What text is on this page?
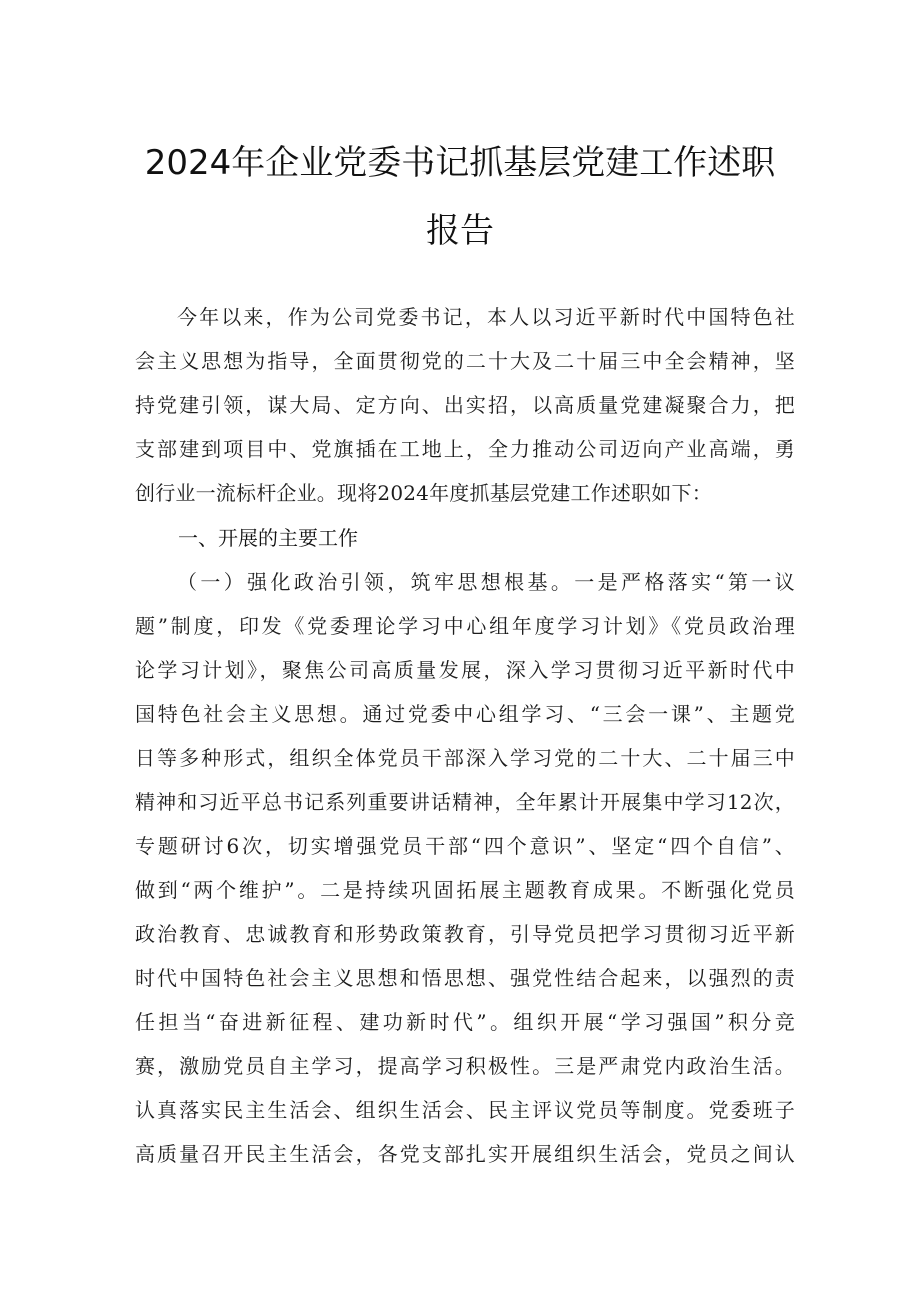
2024年企业党委书记抓基层党建工作述职
报告
今年以来，作为公司党委书记，本人以习近平新时代中国特色社
会主义思想为指导，全面贯彻党的二十大及二十届三中全会精神，坚
持党建引领，谋大局、定方向、出实招，以高质量党建凝聚合力，把
支部建到项目中、党旗插在工地上，全力推动公司迈向产业高端，勇
创行业一流标杆企业。现将2024年度抓基层党建工作述职如下：
一、开展的主要工作
（一）强化政治引领，筑牢思想根基。一是严格落实“第一议
题”制度，印发《党委理论学习中心组年度学习计划》《党员政治理
论学习计划》，聚焦公司高质量发展，深入学习贯彻习近平新时代中
国特色社会主义思想。通过党委中心组学习、“三会一课”、主题党
日等多种形式，组织全体党员干部深入学习党的二十大、二十届三中
精神和习近平总书记系列重要讲话精神，全年累计开展集中学习12次，
专题研讨6次，切实增强党员干部“四个意识”、坚定“四个自信”、
做到“两个维护”。二是持续巩固拓展主题教育成果。不断强化党员
政治教育、忠诚教育和形势政策教育，引导党员把学习贯彻习近平新
时代中国特色社会主义思想和悟思想、强党性结合起来，以强烈的责
任担当“奋进新征程、建功新时代”。组织开展“学习强国”积分竞
赛，激励党员自主学习，提高学习积极性。三是严肃党内政治生活。
认真落实民主生活会、组织生活会、民主评议党员等制度。党委班子
高质量召开民主生活会，各党支部扎实开展组织生活会，党员之间认
